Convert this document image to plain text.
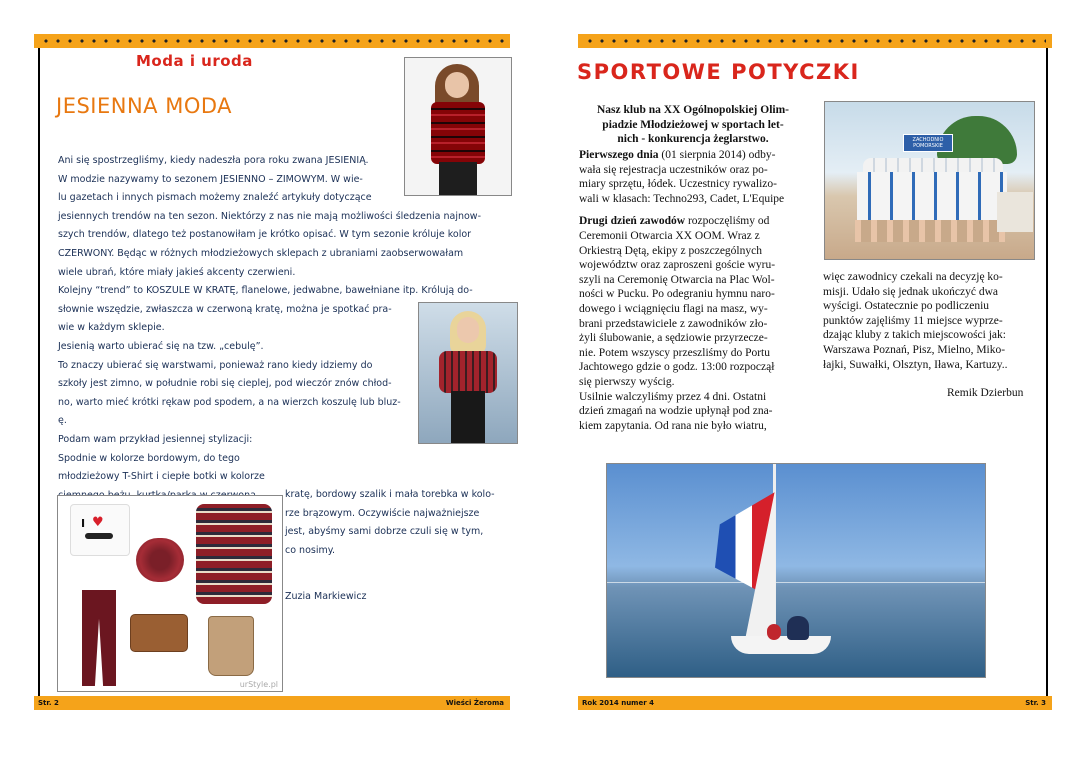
Str. 2	Wieści Żeroma

Moda i uroda

JESIENNA MODA

Ani się spostrzegliśmy, kiedy nadeszła pora roku zwana JESIENIĄ.
W modzie nazywamy to sezonem JESIENNO – ZIMOWYM. W wie-
lu gazetach i innych pismach możemy znaleźć artykuły dotyczące
jesiennych trendów na ten sezon. Niektórzy z nas nie mają możliwości śledzenia najnow-
szych trendów, dlatego też postanowiłam je krótko opisać. W tym sezonie króluje kolor
CZERWONY. Będąc w różnych młodzieżowych sklepach z ubraniami zaobserwowałam
wiele ubrań, które miały jakieś akcenty czerwieni.
Kolejny “trend” to KOSZULE W KRATĘ, flanelowe, jedwabne, bawełniane itp. Królują do-
słownie wszędzie, zwłaszcza w czerwoną kratę, można je spotkać pra-
wie w każdym sklepie.
Jesienią warto ubierać się na tzw. „cebulę”.
To znaczy ubierać się warstwami, ponieważ rano kiedy idziemy do
szkoły jest zimno, w południe robi się cieplej, pod wieczór znów chłod-
no, warto mieć krótki rękaw pod spodem, a na wierzch koszulę lub bluz-
ę.
Podam wam przykład jesiennej stylizacji:
Spodnie w kolorze bordowym, do tego
młodzieżowy T-Shirt i ciepłe botki w kolorze
I ♥
urStyle.pl
kratę, bordowy szalik i mała torebka w kolo-
rze brązowym. Oczywiście najważniejsze
jest, abyśmy sami dobrze czuli się w tym,
co nosimy.

Zuzia Markiewicz

Rok 2014 numer 4	Str. 3

SPORTOWE POTYCZKI

ZACHODNIO POMORSKIE
Nasz klub na XX Ogólnopolskiej Olim-
piadzie Młodzieżowej w sportach let-
nich - konkurencja żeglarstwo.
Pierwszego dnia (01 sierpnia 2014) odby-
wała się rejestracja uczestników oraz po-
miary sprzętu, łódek. Uczestnicy rywalizo-
wali w klasach: Techno293, Cadet, L'Equipe
Drugi dzień zawodów rozpoczęliśmy od
Ceremonii Otwarcia XX OOM. Wraz z
Orkiestrą Dętą, ekipy z poszczególnych
województw oraz zaproszeni goście wyru-
szyli na Ceremonię Otwarcia na Plac Wol-
ności w Pucku. Po odegraniu hymnu naro-
dowego i wciągnięciu flagi na masz, wy-
brani przedstawiciele z zawodników zło-
żyli ślubowanie, a sędziowie przyrzecze-
nie. Potem wszyscy przeszliśmy do Portu
Jachtowego gdzie o godz. 13:00 rozpoczął
się pierwszy wyścig.
Usilnie walczyliśmy przez 4 dni. Ostatni
dzień zmagań na wodzie upłynął pod zna-
kiem zapytania. Od rana nie było wiatru,
więc zawodnicy czekali na decyzję ko-
misji. Udało się jednak ukończyć dwa
wyścigi. Ostatecznie po podliczeniu
punktów zajęliśmy 11 miejsce wyprze-
dzając kluby z takich miejscowości jak:
Warszawa Poznań, Pisz, Mielno, Miko-
łajki, Suwałki, Olsztyn, Iława, Kartuzy..

Remik Dzierbun
